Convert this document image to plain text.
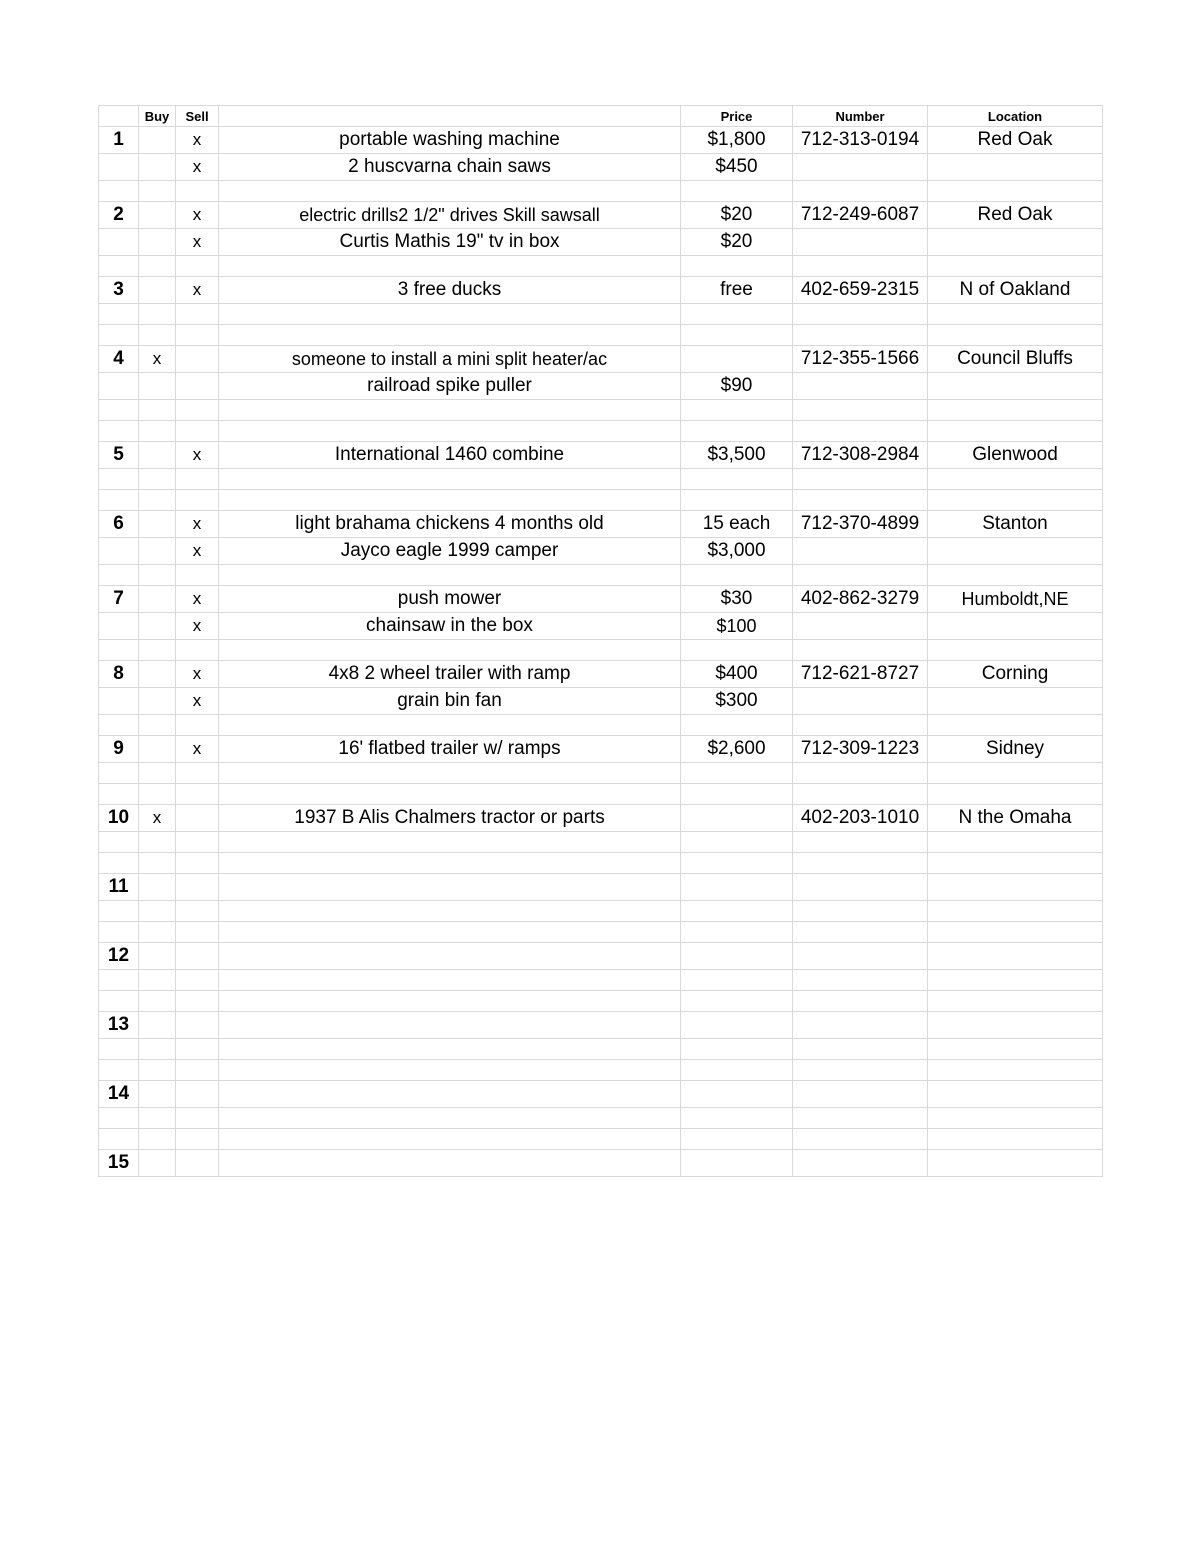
	Buy	Sell		Price	Number	Location
1		x	portable washing machine	$1,800	712-313-0194	Red Oak
		x	2 huscvarna chain saws	$450		

2		x	electric drills2 1/2" drives Skill sawsall	$20	712-249-6087	Red Oak
		x	Curtis Mathis 19" tv in box	$20		

3		x	3 free ducks	free	402-659-2315	N of Oakland

4	x		someone to install a mini split heater/ac		712-355-1566	Council Bluffs
			railroad spike puller	$90		

5		x	International 1460 combine	$3,500	712-308-2984	Glenwood

6		x	light brahama chickens 4 months old	15 each	712-370-4899	Stanton
		x	Jayco eagle 1999 camper	$3,000		

7		x	push mower	$30	402-862-3279	Humboldt,NE
		x	chainsaw in the box	$100		

8		x	4x8 2 wheel trailer with ramp	$400	712-621-8727	Corning
		x	grain bin fan	$300		

9		x	16' flatbed trailer w/ ramps	$2,600	712-309-1223	Sidney

10	x		1937 B Alis Chalmers tractor or parts		402-203-1010	N the Omaha

11						

12						

13						

14						

15						
